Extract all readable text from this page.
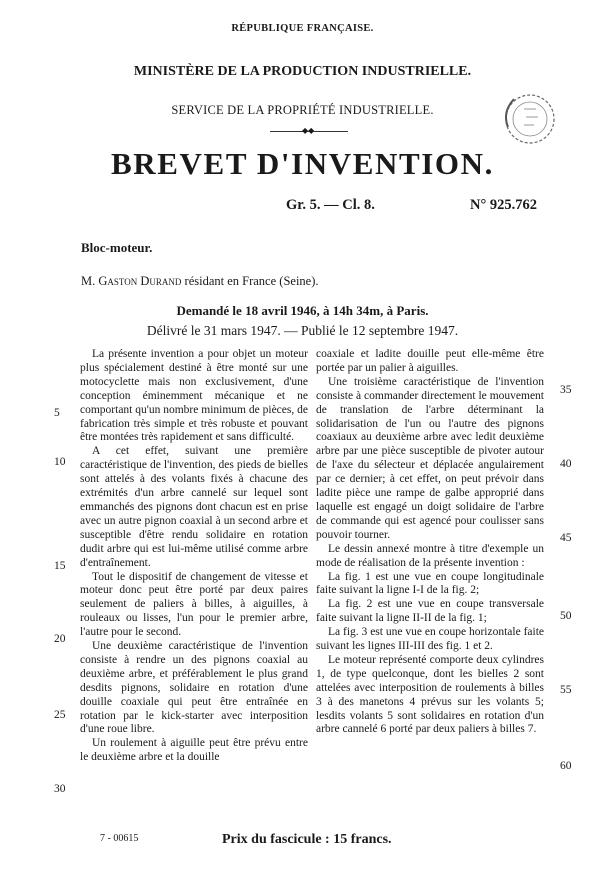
RÉPUBLIQUE FRANÇAISE.
MINISTÈRE DE LA PRODUCTION INDUSTRIELLE.
SERVICE DE LA PROPRIÉTÉ INDUSTRIELLE.
◆◆
BREVET D'INVENTION.
Gr. 5. — Cl. 8.	N° 925.762
Bloc-moteur.
M. Gaston Durand résidant en France (Seine).
Demandé le 18 avril 1946, à 14h 34m, à Paris.
Délivré le 31 mars 1947. — Publié le 12 septembre 1947.

La présente invention a pour objet un moteur plus spécialement destiné à être monté sur une motocyclette mais non exclusivement, d'une conception éminemment mécanique et ne comportant qu'un nombre minimum de pièces, de fabrication très simple et très robuste et pouvant être montées très rapidement et sans difficulté.

A cet effet, suivant une première caractéristique de l'invention, des pieds de bielles sont attelés à des volants fixés à chacune des extrémités d'un arbre cannelé sur lequel sont emmanchés des pignons dont chacun est en prise avec un autre pignon coaxial à un second arbre et susceptible d'être rendu solidaire en rotation dudit arbre qui est lui-même utilisé comme arbre d'entraînement.

Tout le dispositif de changement de vitesse et moteur donc peut être porté par deux paires seulement de paliers à billes, à aiguilles, à rouleaux ou lisses, l'un pour le premier arbre, l'autre pour le second.

Une deuxième caractéristique de l'invention consiste à rendre un des pignons coaxial au deuxième arbre, et préférablement le plus grand desdits pignons, solidaire en rotation d'une douille coaxiale qui peut être entraînée en rotation par le kick-starter avec interposition d'une roue libre.

Un roulement à aiguille peut être prévu entre le deuxième arbre et la douille

coaxiale et ladite douille peut elle-même être portée par un palier à aiguilles.

Une troisième caractéristique de l'invention consiste à commander directement le mouvement de translation de l'arbre déterminant la solidarisation de l'un ou l'autre des pignons coaxiaux au deuxième arbre avec ledit deuxième arbre par une pièce susceptible de pivoter autour de l'axe du sélecteur et déplacée angulairement par ce dernier; à cet effet, on peut prévoir dans ladite pièce une rampe de galbe approprié dans laquelle est engagé un doigt solidaire de l'arbre de commande qui est agencé pour coulisser sans pouvoir tourner.

Le dessin annexé montre à titre d'exemple un mode de réalisation de la présente invention :

La fig. 1 est une vue en coupe longitudinale faite suivant la ligne I-I de la fig. 2;

La fig. 2 est une vue en coupe transversale faite suivant la ligne II-II de la fig. 1;

La fig. 3 est une vue en coupe horizontale faite suivant les lignes III-III des fig. 1 et 2.

Le moteur représenté comporte deux cylindres 1, de type quelconque, dont les bielles 2 sont attelées avec interposition de roulements à billes 3 à des manetons 4 prévus sur les volants 5; lesdits volants 5 sont solidaires en rotation d'un arbre cannelé 6 porté par deux paliers à billes 7.

5
10
15
20
25
30
35
40
45
50
55
60
7 - 00615	Prix du fascicule : 15 francs.
